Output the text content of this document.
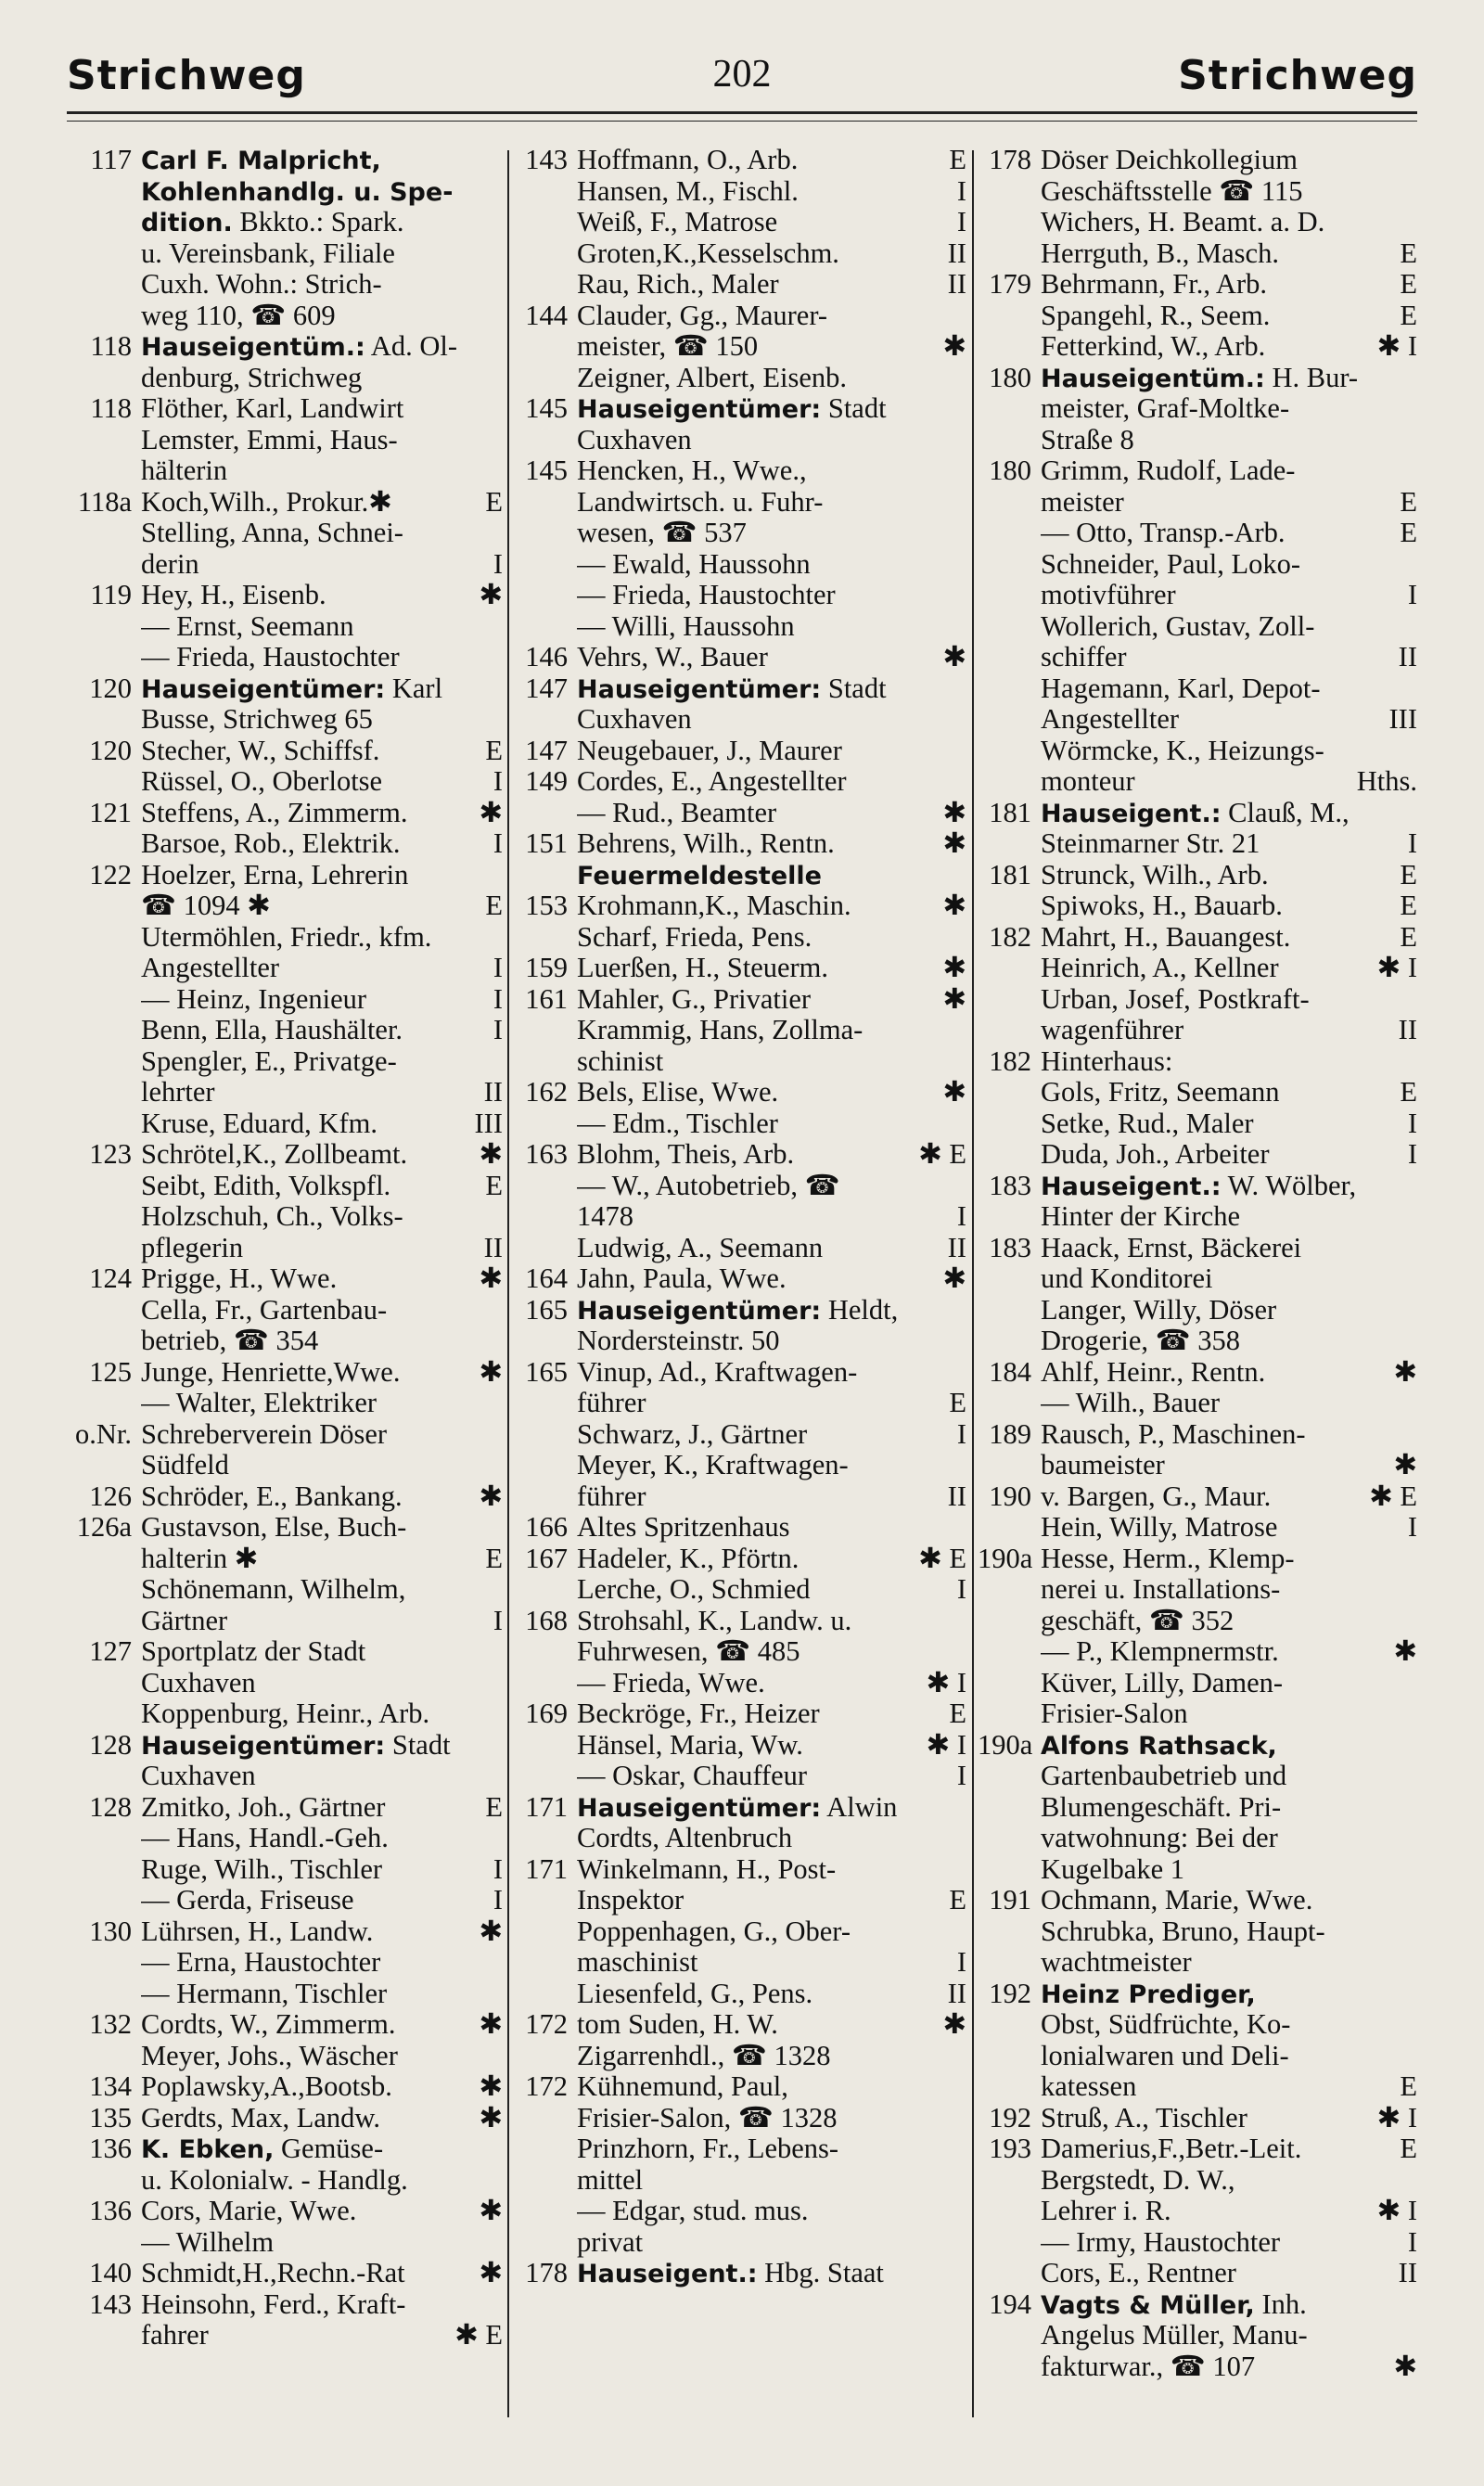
Strichweg	202	Strichweg
117 Carl F. Malpricht,
Kohlenhandlg. u. Spe-
dition. Bkkto.: Spark.
u. Vereinsbank, Filiale
Cuxh. Wohn.: Strich-
weg 110, ☎ 609
118 Hauseigentüm.: Ad. Ol-
denburg, Strichweg
118 Flöther, Karl, Landwirt
Lemster, Emmi, Haus-
hälterin
118a Koch,Wilh., Prokur.✱	E
Stelling, Anna, Schnei-
derin	I
119 Hey, H., Eisenb.	✱
— Ernst, Seemann
— Frieda, Haustochter
120 Hauseigentümer: Karl
Busse, Strichweg 65
120 Stecher, W., Schiffsf.	E
Rüssel, O., Oberlotse	I
121 Steffens, A., Zimmerm.	✱
Barsoe, Rob., Elektrik.	I
122 Hoelzer, Erna, Lehrerin
☎ 1094 ✱	E
Utermöhlen, Friedr., kfm.
Angestellter	I
— Heinz, Ingenieur	I
Benn, Ella, Haushälter.	I
Spengler, E., Privatge-
lehrter	II
Kruse, Eduard, Kfm.	III
123 Schrötel,K., Zollbeamt.	✱
Seibt, Edith, Volkspfl.	E
Holzschuh, Ch., Volks-
pflegerin	II
124 Prigge, H., Wwe.	✱
Cella, Fr., Gartenbau-
betrieb, ☎ 354
125 Junge, Henriette,Wwe.	✱
— Walter, Elektriker
o.Nr. Schreberverein Döser
Südfeld
126 Schröder, E., Bankang.	✱
126a Gustavson, Else, Buch-
halterin ✱	E
Schönemann, Wilhelm,
Gärtner	I
127 Sportplatz der Stadt
Cuxhaven
Koppenburg, Heinr., Arb.
128 Hauseigentümer: Stadt
Cuxhaven
128 Zmitko, Joh., Gärtner	E
— Hans, Handl.-Geh.
Ruge, Wilh., Tischler	I
— Gerda, Friseuse	I
130 Lührsen, H., Landw.	✱
— Erna, Haustochter
— Hermann, Tischler
132 Cordts, W., Zimmerm.	✱
Meyer, Johs., Wäscher
134 Poplawsky,A.,Bootsb.	✱
135 Gerdts, Max, Landw.	✱
136 K. Ebken, Gemüse-
u. Kolonialw. - Handlg.
136 Cors, Marie, Wwe.	✱
— Wilhelm
140 Schmidt,H.,Rechn.-Rat	✱
143 Heinsohn, Ferd., Kraft-
fahrer	✱ E
143 Hoffmann, O., Arb.	E
Hansen, M., Fischl.	I
Weiß, F., Matrose	I
Groten,K.,Kesselschm.	II
Rau, Rich., Maler	II
144 Clauder, Gg., Maurer-
meister, ☎ 150	✱
Zeigner, Albert, Eisenb.
145 Hauseigentümer: Stadt
Cuxhaven
145 Hencken, H., Wwe.,
Landwirtsch. u. Fuhr-
wesen, ☎ 537
— Ewald, Haussohn
— Frieda, Haustochter
— Willi, Haussohn
146 Vehrs, W., Bauer	✱
147 Hauseigentümer: Stadt
Cuxhaven
147 Neugebauer, J., Maurer
149 Cordes, E., Angestellter
— Rud., Beamter	✱
151 Behrens, Wilh., Rentn.	✱
Feuermeldestelle
153 Krohmann,K., Maschin.	✱
Scharf, Frieda, Pens.
159 Luerßen, H., Steuerm.	✱
161 Mahler, G., Privatier	✱
Krammig, Hans, Zollma-
schinist
162 Bels, Elise, Wwe.	✱
— Edm., Tischler
163 Blohm, Theis, Arb.	✱ E
— W., Autobetrieb, ☎
1478	I
Ludwig, A., Seemann	II
164 Jahn, Paula, Wwe.	✱
165 Hauseigentümer: Heldt,
Nordersteinstr. 50
165 Vinup, Ad., Kraftwagen-
führer	E
Schwarz, J., Gärtner	I
Meyer, K., Kraftwagen-
führer	II
166 Altes Spritzenhaus
167 Hadeler, K., Pförtn.	✱ E
Lerche, O., Schmied	I
168 Strohsahl, K., Landw. u.
Fuhrwesen, ☎ 485
— Frieda, Wwe.	✱ I
169 Beckröge, Fr., Heizer	E
Hänsel, Maria, Ww.	✱ I
— Oskar, Chauffeur	I
171 Hauseigentümer: Alwin
Cordts, Altenbruch
171 Winkelmann, H., Post-
Inspektor	E
Poppenhagen, G., Ober-
maschinist	I
Liesenfeld, G., Pens.	II
172 tom Suden, H. W.	✱
Zigarrenhdl., ☎ 1328
172 Kühnemund, Paul,
Frisier-Salon, ☎ 1328
Prinzhorn, Fr., Lebens-
mittel
— Edgar, stud. mus.
privat
178 Hauseigent.: Hbg. Staat
178 Döser Deichkollegium
Geschäftsstelle ☎ 115
Wichers, H. Beamt. a. D.
Herrguth, B., Masch.	E
179 Behrmann, Fr., Arb.	E
Spangehl, R., Seem.	E
Fetterkind, W., Arb.	✱ I
180 Hauseigentüm.: H. Bur-
meister, Graf-Moltke-
Straße 8
180 Grimm, Rudolf, Lade-
meister	E
— Otto, Transp.-Arb.	E
Schneider, Paul, Loko-
motivführer	I
Wollerich, Gustav, Zoll-
schiffer	II
Hagemann, Karl, Depot-
Angestellter	III
Wörmcke, K., Heizungs-
monteur	Hths.
181 Hauseigent.: Clauß, M.,
Steinmarner Str. 21	I
181 Strunck, Wilh., Arb.	E
Spiwoks, H., Bauarb.	E
182 Mahrt, H., Bauangest.	E
Heinrich, A., Kellner	✱ I
Urban, Josef, Postkraft-
wagenführer	II
182 Hinterhaus:
Gols, Fritz, Seemann	E
Setke, Rud., Maler	I
Duda, Joh., Arbeiter	I
183 Hauseigent.: W. Wölber,
Hinter der Kirche
183 Haack, Ernst, Bäckerei
und Konditorei
Langer, Willy, Döser
Drogerie, ☎ 358
184 Ahlf, Heinr., Rentn.	✱
— Wilh., Bauer
189 Rausch, P., Maschinen-
baumeister	✱
190 v. Bargen, G., Maur.	✱ E
Hein, Willy, Matrose	I
190a Hesse, Herm., Klemp-
nerei u. Installations-
geschäft, ☎ 352
— P., Klempnermstr.	✱
Küver, Lilly, Damen-
Frisier-Salon
190a Alfons Rathsack,
Gartenbaubetrieb und
Blumengeschäft. Pri-
vatwohnung: Bei der
Kugelbake 1
191 Ochmann, Marie, Wwe.
Schrubka, Bruno, Haupt-
wachtmeister
192 Heinz Prediger,
Obst, Südfrüchte, Ko-
lonialwaren und Deli-
katessen	E
192 Struß, A., Tischler	✱ I
193 Damerius,F.,Betr.-Leit.	E
Bergstedt, D. W.,
Lehrer i. R.	✱ I
— Irmy, Haustochter	I
Cors, E., Rentner	II
194 Vagts & Müller, Inh.
Angelus Müller, Manu-
fakturwar., ☎ 107	✱
